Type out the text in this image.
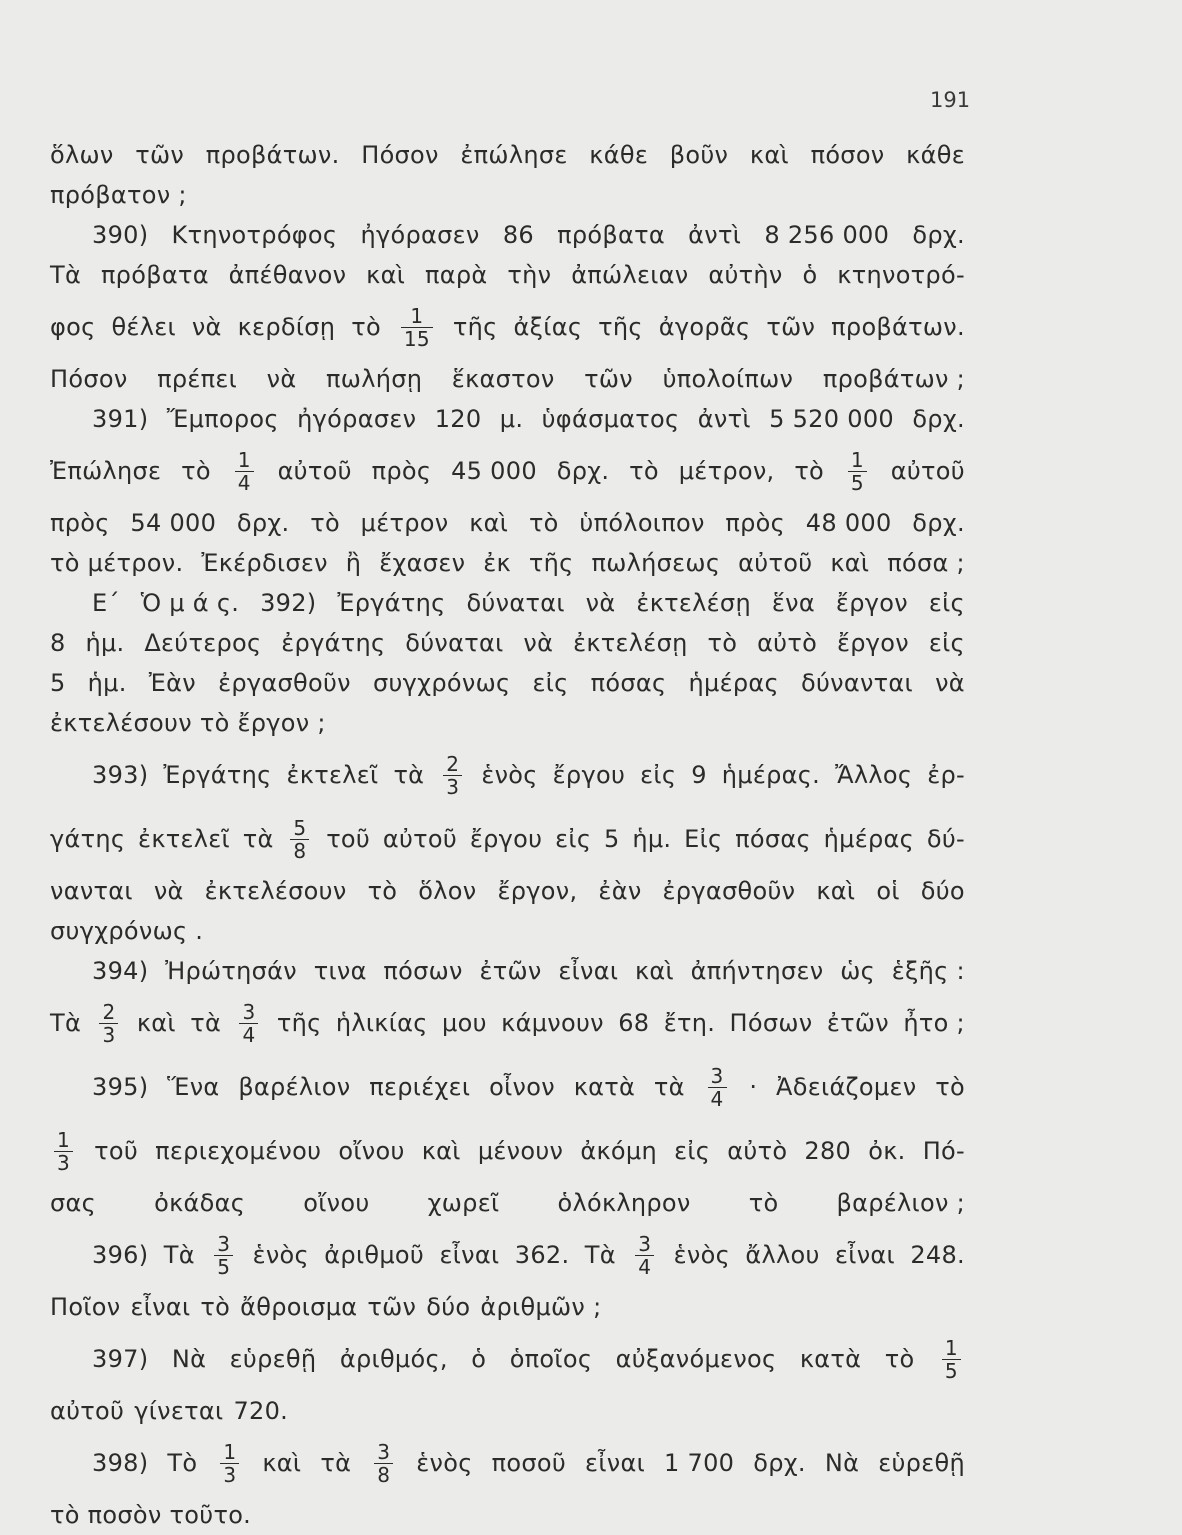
191
ὅλων τῶν προβάτων. Πόσον ἐπώλησε κάθε βοῦν καὶ πόσον κάθε
πρόβατον ;
390) Κτηνοτρόφος ἠγόρασεν 86 πρόβατα ἀντὶ 8 256 000 δρχ.
Τὰ πρόβατα ἀπέθανον καὶ παρὰ τὴν ἀπώλειαν αὐτὴν ὁ κτηνοτρό-
φος θέλει νὰ κερδίσῃ τὸ $\frac{1}{15}$ τῆς ἀξίας τῆς ἀγορᾶς τῶν προβάτων.
Πόσον πρέπει νὰ πωλήσῃ ἕκαστον τῶν ὑπολοίπων προβάτων ;
391) Ἔμπορος ἠγόρασεν 120 μ. ὑφάσματος ἀντὶ 5 520 000 δρχ.
Ἐπώλησε τὸ $\frac{1}{4}$ αὐτοῦ πρὸς 45 000 δρχ. τὸ μέτρον, τὸ $\frac{1}{5}$ αὐτοῦ
πρὸς 54 000 δρχ. τὸ μέτρον καὶ τὸ ὑπόλοιπον πρὸς 48 000 δρχ.
τὸ μέτρον. Ἐκέρδισεν ἢ ἔχασεν ἐκ τῆς πωλήσεως αὐτοῦ καὶ πόσα ;
Ε΄ Ὁ μ ά ς. 392) Ἐργάτης δύναται νὰ ἐκτελέσῃ ἕνα ἔργον εἰς
8 ἡμ. Δεύτερος ἐργάτης δύναται νὰ ἐκτελέσῃ τὸ αὐτὸ ἔργον εἰς
5 ἡμ. Ἐὰν ἐργασθοῦν συγχρόνως εἰς πόσας ἡμέρας δύνανται νὰ
ἐκτελέσουν τὸ ἔργον ;
393) Ἐργάτης ἐκτελεῖ τὰ $\frac{2}{3}$ ἑνὸς ἔργου εἰς 9 ἡμέρας. Ἄλλος ἐρ-
γάτης ἐκτελεῖ τὰ $\frac{5}{8}$ τοῦ αὐτοῦ ἔργου εἰς 5 ἡμ. Εἰς πόσας ἡμέρας δύ-
νανται νὰ ἐκτελέσουν τὸ ὅλον ἔργον, ἐὰν ἐργασθοῦν καὶ οἱ δύο
συγχρόνως .
394) Ἠρώτησάν τινα πόσων ἐτῶν εἶναι καὶ ἀπήντησεν ὡς ἑξῆς :
Τὰ $\frac{2}{3}$ καὶ τὰ $\frac{3}{4}$ τῆς ἡλικίας μου κάμνουν 68 ἔτη. Πόσων ἐτῶν ἦτο ;
395) Ἕνα βαρέλιον περιέχει οἶνον κατὰ τὰ $\frac{3}{4}$ · Ἀδειάζομεν τὸ
$\frac{1}{3}$ τοῦ περιεχομένου οἴνου καὶ μένουν ἀκόμη εἰς αὐτὸ 280 ὀκ. Πό-
σας ὀκάδας οἴνου χωρεῖ ὁλόκληρον τὸ βαρέλιον ;
396) Τὰ $\frac{3}{5}$ ἑνὸς ἀριθμοῦ εἶναι 362. Τὰ $\frac{3}{4}$ ἑνὸς ἄλλου εἶναι 248.
Ποῖον εἶναι τὸ ἄθροισμα τῶν δύο ἀριθμῶν ;
397) Νὰ εὑρεθῇ ἀριθμός, ὁ ὁποῖος αὐξανόμενος κατὰ τὸ $\frac{1}{5}$
αὐτοῦ γίνεται 720.
398) Τὸ $\frac{1}{3}$ καὶ τὰ $\frac{3}{8}$ ἑνὸς ποσοῦ εἶναι 1 700 δρχ. Νὰ εὑρεθῇ
τὸ ποσὸν τοῦτο.
